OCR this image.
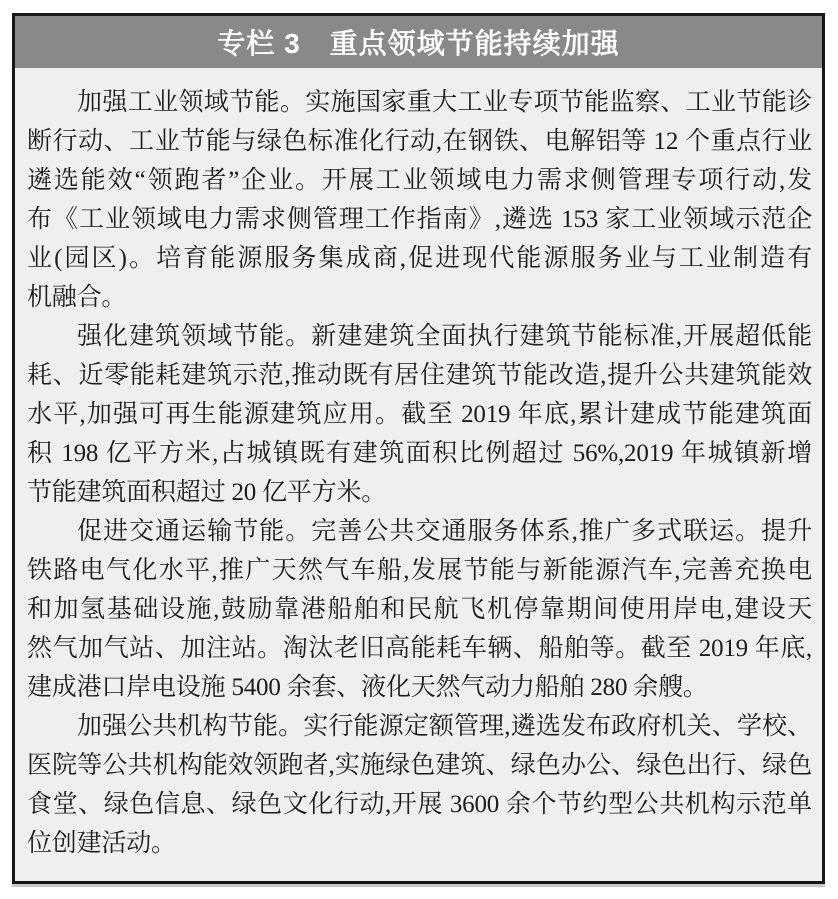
专栏 3　重点领域节能持续加强
加强工业领域节能。实施国家重大工业专项节能监察、工业节能诊
断行动、工业节能与绿色标准化行动,在钢铁、电解铝等 12 个重点行业
遴选能效“领跑者”企业。开展工业领域电力需求侧管理专项行动,发
布《工业领域电力需求侧管理工作指南》,遴选 153 家工业领域示范企
业(园区)。培育能源服务集成商,促进现代能源服务业与工业制造有
机融合。
强化建筑领域节能。新建建筑全面执行建筑节能标准,开展超低能
耗、近零能耗建筑示范,推动既有居住建筑节能改造,提升公共建筑能效
水平,加强可再生能源建筑应用。截至 2019 年底,累计建成节能建筑面
积 198 亿平方米,占城镇既有建筑面积比例超过 56%,2019 年城镇新增
节能建筑面积超过 20 亿平方米。
促进交通运输节能。完善公共交通服务体系,推广多式联运。提升
铁路电气化水平,推广天然气车船,发展节能与新能源汽车,完善充换电
和加氢基础设施,鼓励靠港船舶和民航飞机停靠期间使用岸电,建设天
然气加气站、加注站。淘汰老旧高能耗车辆、船舶等。截至 2019 年底,
建成港口岸电设施 5400 余套、液化天然气动力船舶 280 余艘。
加强公共机构节能。实行能源定额管理,遴选发布政府机关、学校、
医院等公共机构能效领跑者,实施绿色建筑、绿色办公、绿色出行、绿色
食堂、绿色信息、绿色文化行动,开展 3600 余个节约型公共机构示范单
位创建活动。
